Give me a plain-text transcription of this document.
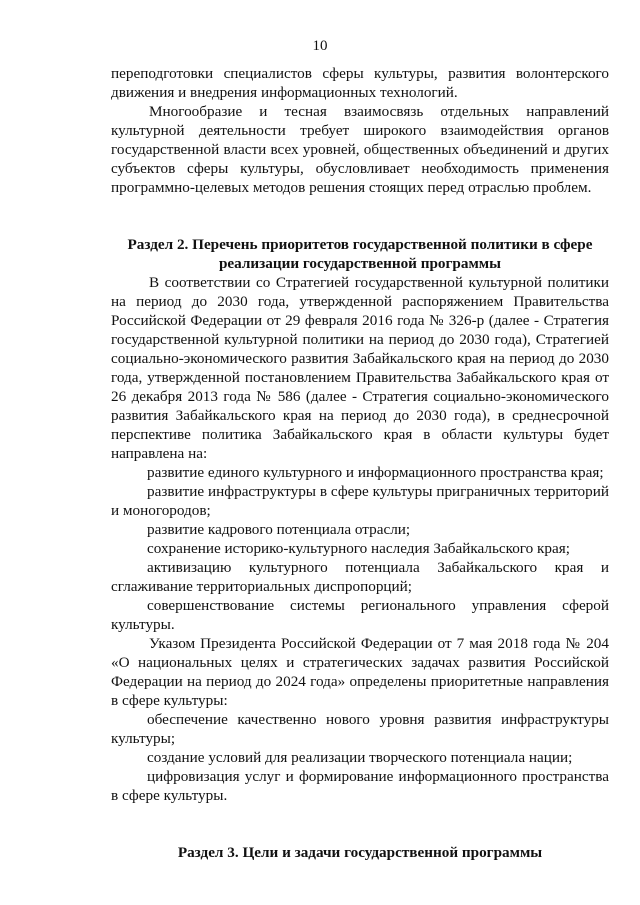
10

переподготовки специалистов сферы культуры, развития волонтерского движения и внедрения информационных технологий.

Многообразие и тесная взаимосвязь отдельных направлений культурной деятельности требует широкого взаимодействия органов государственной власти всех уровней, общественных объединений и других субъектов сферы культуры, обусловливает необходимость применения программно-целевых методов решения стоящих перед отраслью проблем.

Раздел 2. Перечень приоритетов государственной политики в сфере реализации государственной программы

В соответствии со Стратегией государственной культурной политики на период до 2030 года, утвержденной распоряжением Правительства Российской Федерации от 29 февраля 2016 года № 326-р (далее - Стратегия государственной культурной политики на период до 2030 года), Стратегией социально-экономического развития Забайкальского края на период до 2030 года, утвержденной постановлением Правительства Забайкальского края от 26 декабря 2013 года № 586 (далее - Стратегия социально-экономического развития Забайкальского края на период до 2030 года), в среднесрочной перспективе политика Забайкальского края в области культуры будет направлена на:

развитие единого культурного и информационного пространства края;

развитие инфраструктуры в сфере культуры приграничных территорий и моногородов;

развитие кадрового потенциала отрасли;

сохранение историко-культурного наследия Забайкальского края;

активизацию культурного потенциала Забайкальского края и сглаживание территориальных диспропорций;

совершенствование системы регионального управления сферой культуры.

Указом Президента Российской Федерации от 7 мая 2018 года № 204 «О национальных целях и стратегических задачах развития Российской Федерации на период до 2024 года» определены приоритетные направления в сфере культуры:

обеспечение качественно нового уровня развития инфраструктуры культуры;

создание условий для реализации творческого потенциала нации;

цифровизация услуг и формирование информационного пространства в сфере культуры.

Раздел 3. Цели и задачи государственной программы
